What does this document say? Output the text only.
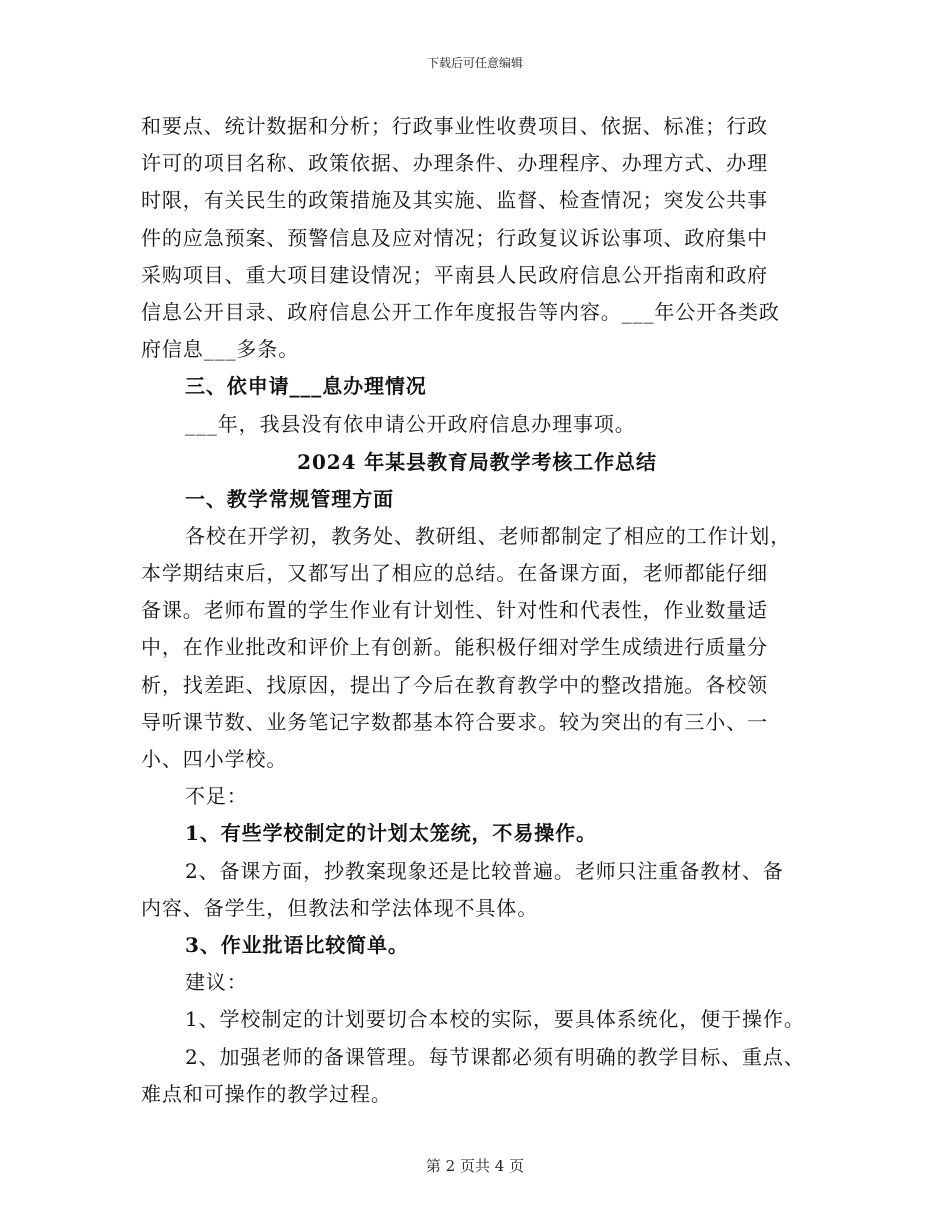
下载后可任意编辑
和要点、统计数据和分析；行政事业性收费项目、依据、标准；行政
许可的项目名称、政策依据、办理条件、办理程序、办理方式、办理
时限，有关民生的政策措施及其实施、监督、检查情况；突发公共事
件的应急预案、预警信息及应对情况；行政复议诉讼事项、政府集中
采购项目、重大项目建设情况；平南县人民政府信息公开指南和政府
信息公开目录、政府信息公开工作年度报告等内容。___年公开各类政
府信息___多条。
三、依申请___息办理情况
___年，我县没有依申请公开政府信息办理事项。
2024 年某县教育局教学考核工作总结
一、教学常规管理方面
各校在开学初，教务处、教研组、老师都制定了相应的工作计划，
本学期结束后，又都写出了相应的总结。在备课方面，老师都能仔细
备课。老师布置的学生作业有计划性、针对性和代表性，作业数量适
中，在作业批改和评价上有创新。能积极仔细对学生成绩进行质量分
析，找差距、找原因，提出了今后在教育教学中的整改措施。各校领
导听课节数、业务笔记字数都基本符合要求。较为突出的有三小、一
小、四小学校。
不足：
1、有些学校制定的计划太笼统，不易操作。
2、备课方面，抄教案现象还是比较普遍。老师只注重备教材、备
内容、备学生，但教法和学法体现不具体。
3、作业批语比较简单。
建议：
1、学校制定的计划要切合本校的实际，要具体系统化，便于操作。
2、加强老师的备课管理。每节课都必须有明确的教学目标、重点、
难点和可操作的教学过程。
第 2 页共 4 页
